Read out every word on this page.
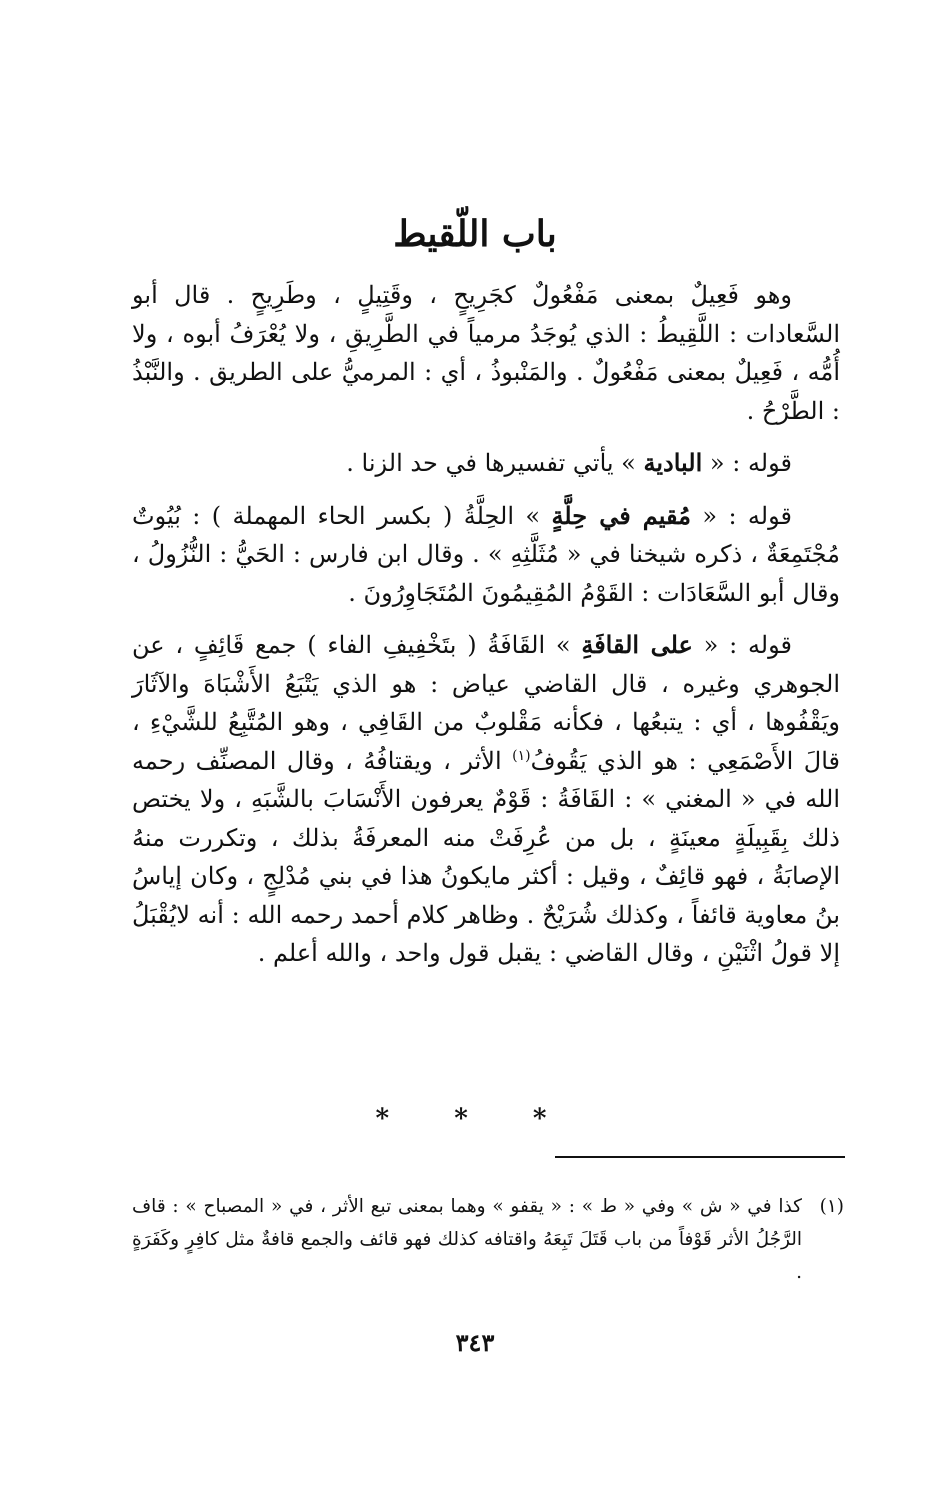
باب اللّقيط

وهو فَعِيلٌ بمعنى مَفْعُولٌ كجَرِيحٍ ، وقَتِيلٍ ، وطَرِيحٍ . قال أبو السَّعادات : اللَّقِيطُ : الذي يُوجَدُ مرمياً في الطَّرِيقِ ، ولا يُعْرَفُ أبوه ، ولا أُمُّه ، فَعِيلٌ بمعنى مَفْعُولٌ . والمَنْبوذُ ، أي : المرميُّ على الطريق . والنَّبْذُ : الطَّرْحُ .

قوله : « البادية » يأتي تفسيرها في حد الزنا .

قوله : « مُقيم في حِلَّةٍ » الحِلَّةُ ( بكسر الحاء المهملة ) : بُيُوتٌ مُجْتَمِعَةٌ ، ذكره شيخنا في « مُثَلَّثِهِ » . وقال ابن فارس : الحَيُّ : النُّزُولُ ، وقال أبو السَّعَادَات : القَوْمُ المُقِيمُونَ المُتَجَاوِرُونَ .

قوله : « على القافَةِ » القَافَةُ ( بتَخْفِيفِ الفاء ) جمع قَائِفٍ ، عن الجوهري وغيره ، قال القاضي عياض : هو الذي يَتْبَعُ الأَشْبَاهَ والآثَارَ ويَقْفُوها ، أي : يتبعُها ، فكأنه مَقْلوبٌ من القَافِي ، وهو المُتَّبِعُ للشَّيْءِ ، قالَ الأَصْمَعِي : هو الذي يَقُوفُ$^{(١)}$ الأثر ، ويقتافُهُ ، وقال المصنِّف رحمه الله في « المغني » : القَافَةُ : قَوْمٌ يعرفون الأَنْسَابَ بالشَّبَهِ ، ولا يختص ذلك بِقَبِيلَةٍ معينَةٍ ، بل من عُرِفَتْ منه المعرفَةُ بذلك ، وتكررت منهُ الإصابَةُ ، فهو قائِفٌ ، وقيل : أكثر مايكونُ هذا في بني مُدْلِجٍ ، وكان إياسُ بنُ معاوية قائفاً ، وكذلك شُرَيْحٌ . وظاهر كلام أحمد رحمه الله : أنه لايُقْبَلُ إلا قولُ اثْنَيْنِ ، وقال القاضي : يقبل قول واحد ، والله أعلم .

* * *
(١)
كذا في « ش » وفي « ط » : « يقفو » وهما بمعنى تبع الأثر ، في « المصباح » : قاف الرَّجُلُ الأثر قَوْفاً من باب قَتَلَ تَبِعَهُ واقتافه كذلك فهو قائف والجمع قافةٌ مثل كافِرٍ وكَفَرَةٍ .
٣٤٣
